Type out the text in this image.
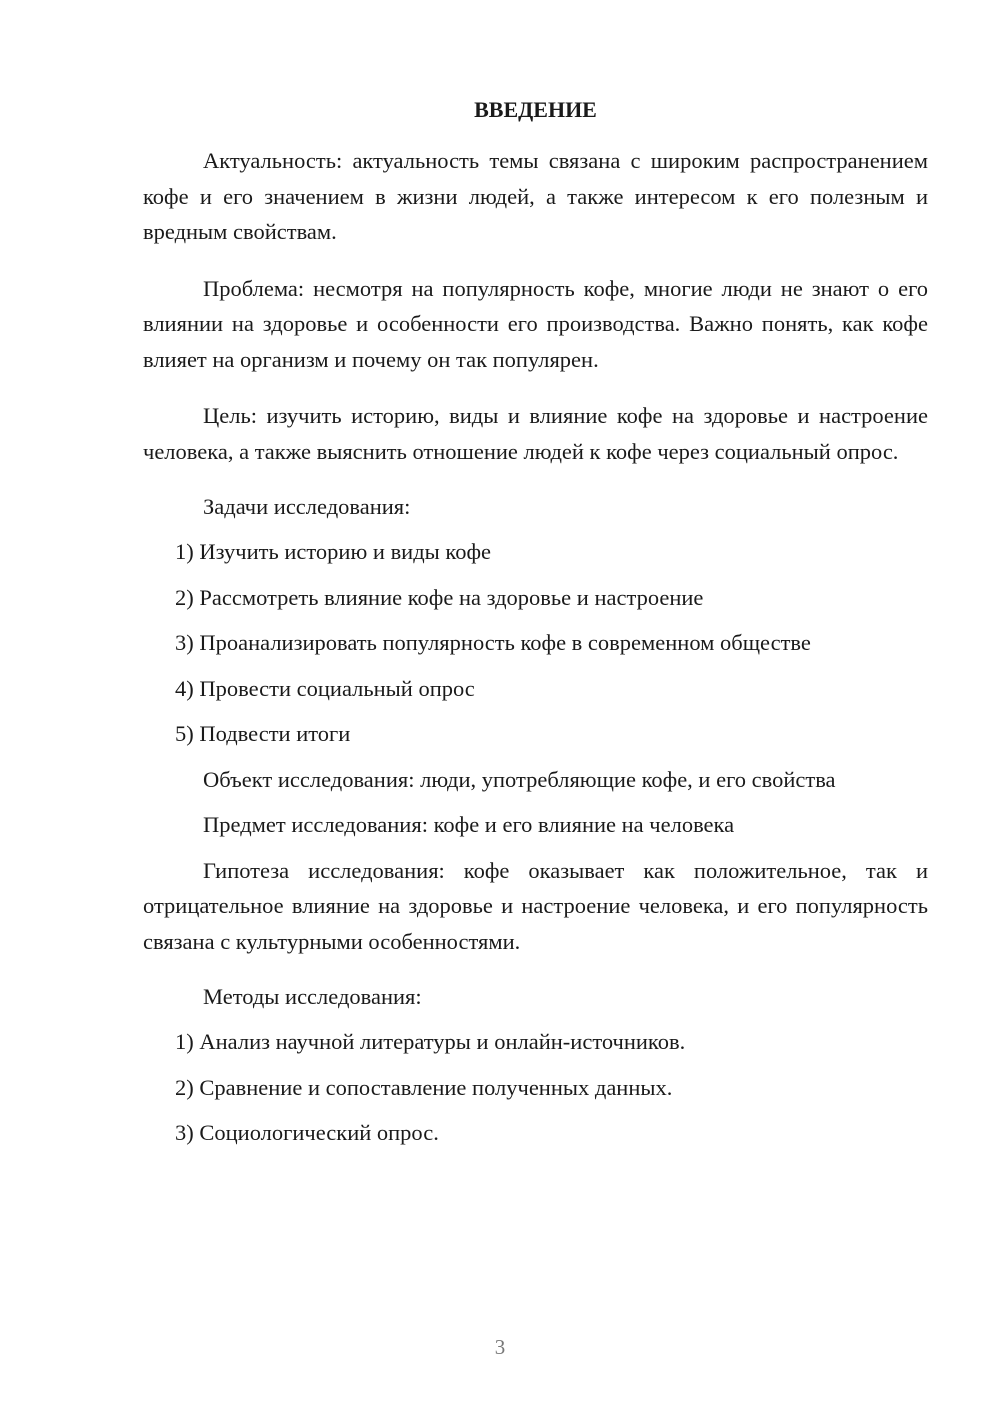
ВВЕДЕНИЕ

Актуальность: актуальность темы связана с широким распространением кофе и его значением в жизни людей, а также интересом к его полезным и вредным свойствам.

Проблема: несмотря на популярность кофе, многие люди не знают о его влиянии на здоровье и особенности его производства. Важно понять, как кофе влияет на организм и почему он так популярен.

Цель: изучить историю, виды и влияние кофе на здоровье и настроение человека, а также выяснить отношение людей к кофе через социальный опрос.

Задачи исследования:

1) Изучить историю и виды кофе
2) Рассмотреть влияние кофе на здоровье и настроение
3) Проанализировать популярность кофе в современном обществе
4) Провести социальный опрос
5) Подвести итоги

Объект исследования: люди, употребляющие кофе, и его свойства

Предмет исследования: кофе и его влияние на человека

Гипотеза исследования: кофе оказывает как положительное, так и отрицательное влияние на здоровье и настроение человека, и его популярность связана с культурными особенностями.

Методы исследования:

1) Анализ научной литературы и онлайн-источников.
2) Сравнение и сопоставление полученных данных.
3) Социологический опрос.
3
